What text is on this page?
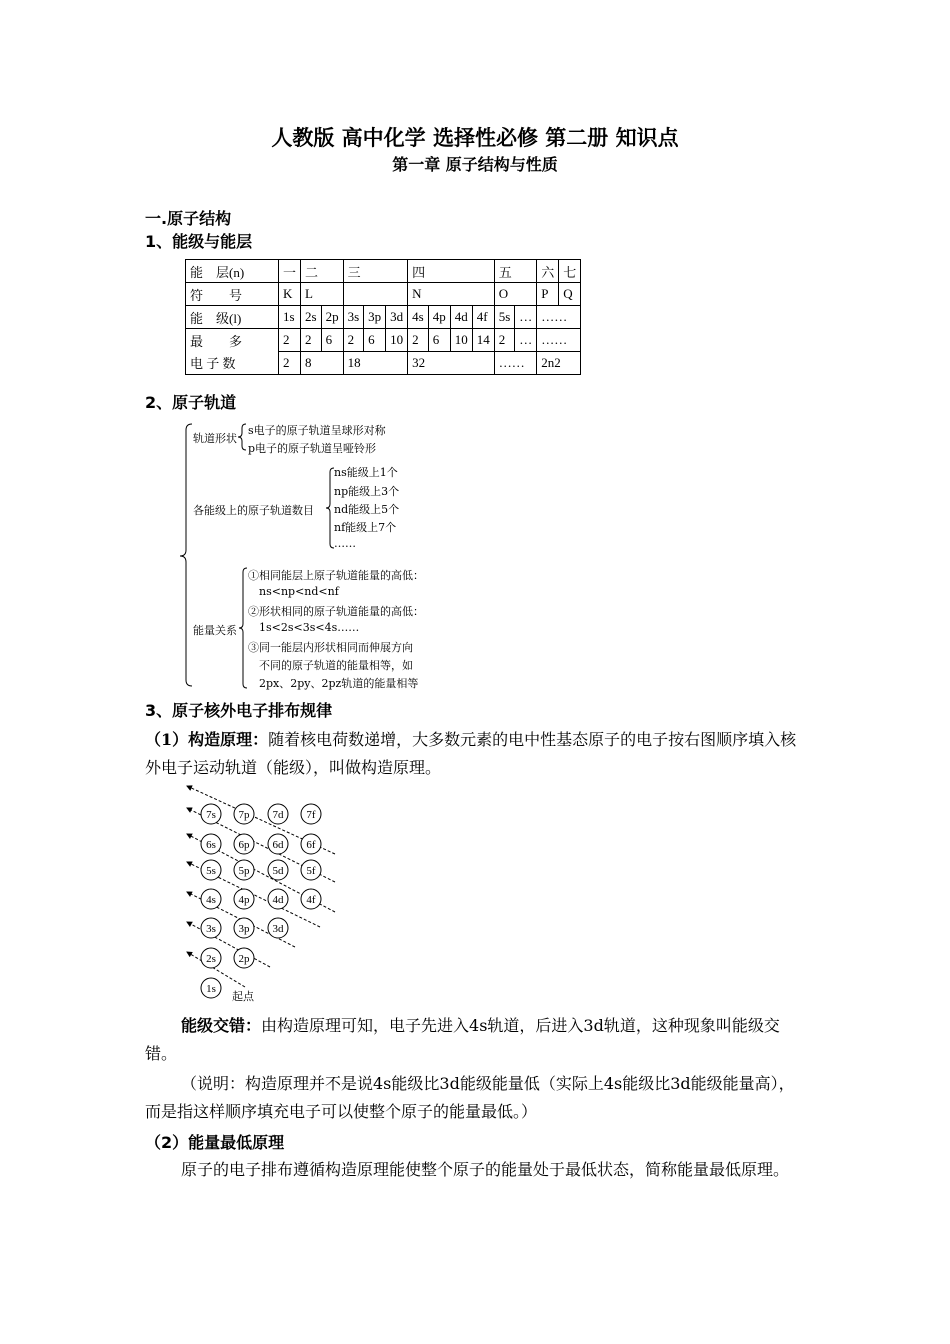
人教版 高中化学 选择性必修 第二册 知识点
第一章 原子结构与性质
一.原子结构
1、能级与能层
能　层(n)	一	二		三			四				五		六	七
符　　号	K	L					N				O		P	Q
能　级(l)	1s	2s	2p	3s	3p	3d	4s	4p	4d	4f	5s	…	……	
最　　多	2	2	6	2	6	10	2	6	10	14	2	…	……	
电 子 数	2	8		18			32				……		2n2	
2、原子轨道
轨道形状
s电子的原子轨道呈球形对称
p电子的原子轨道呈哑铃形
各能级上的原子轨道数目
ns能级上1个
np能级上3个
nd能级上5个
nf能级上7个
……
能量关系
①相同能层上原子轨道能量的高低：
ns<np<nd<nf
②形状相同的原子轨道能量的高低：
1s<2s<3s<4s……
③同一能层内形状相同而伸展方向
不同的原子轨道的能量相等，如
2px、2py、2pz轨道的能量相等
3、原子核外电子排布规律
（1）构造原理：随着核电荷数递增，大多数元素的电中性基态原子的电子按右图顺序填入核外电子运动轨道（能级），叫做构造原理。
7s 7p 7d 7f
6s 6p 6d 6f
5s 5p 5d 5f
4s 4p 4d 4f
3s 3p 3d
2s 2p
1s
起点
能级交错：由构造原理可知，电子先进入4s轨道，后进入3d轨道，这种现象叫能级交错。
（说明：构造原理并不是说4s能级比3d能级能量低（实际上4s能级比3d能级能量高），而是指这样顺序填充电子可以使整个原子的能量最低。）
（2）能量最低原理
原子的电子排布遵循构造原理能使整个原子的能量处于最低状态，简称能量最低原理。
